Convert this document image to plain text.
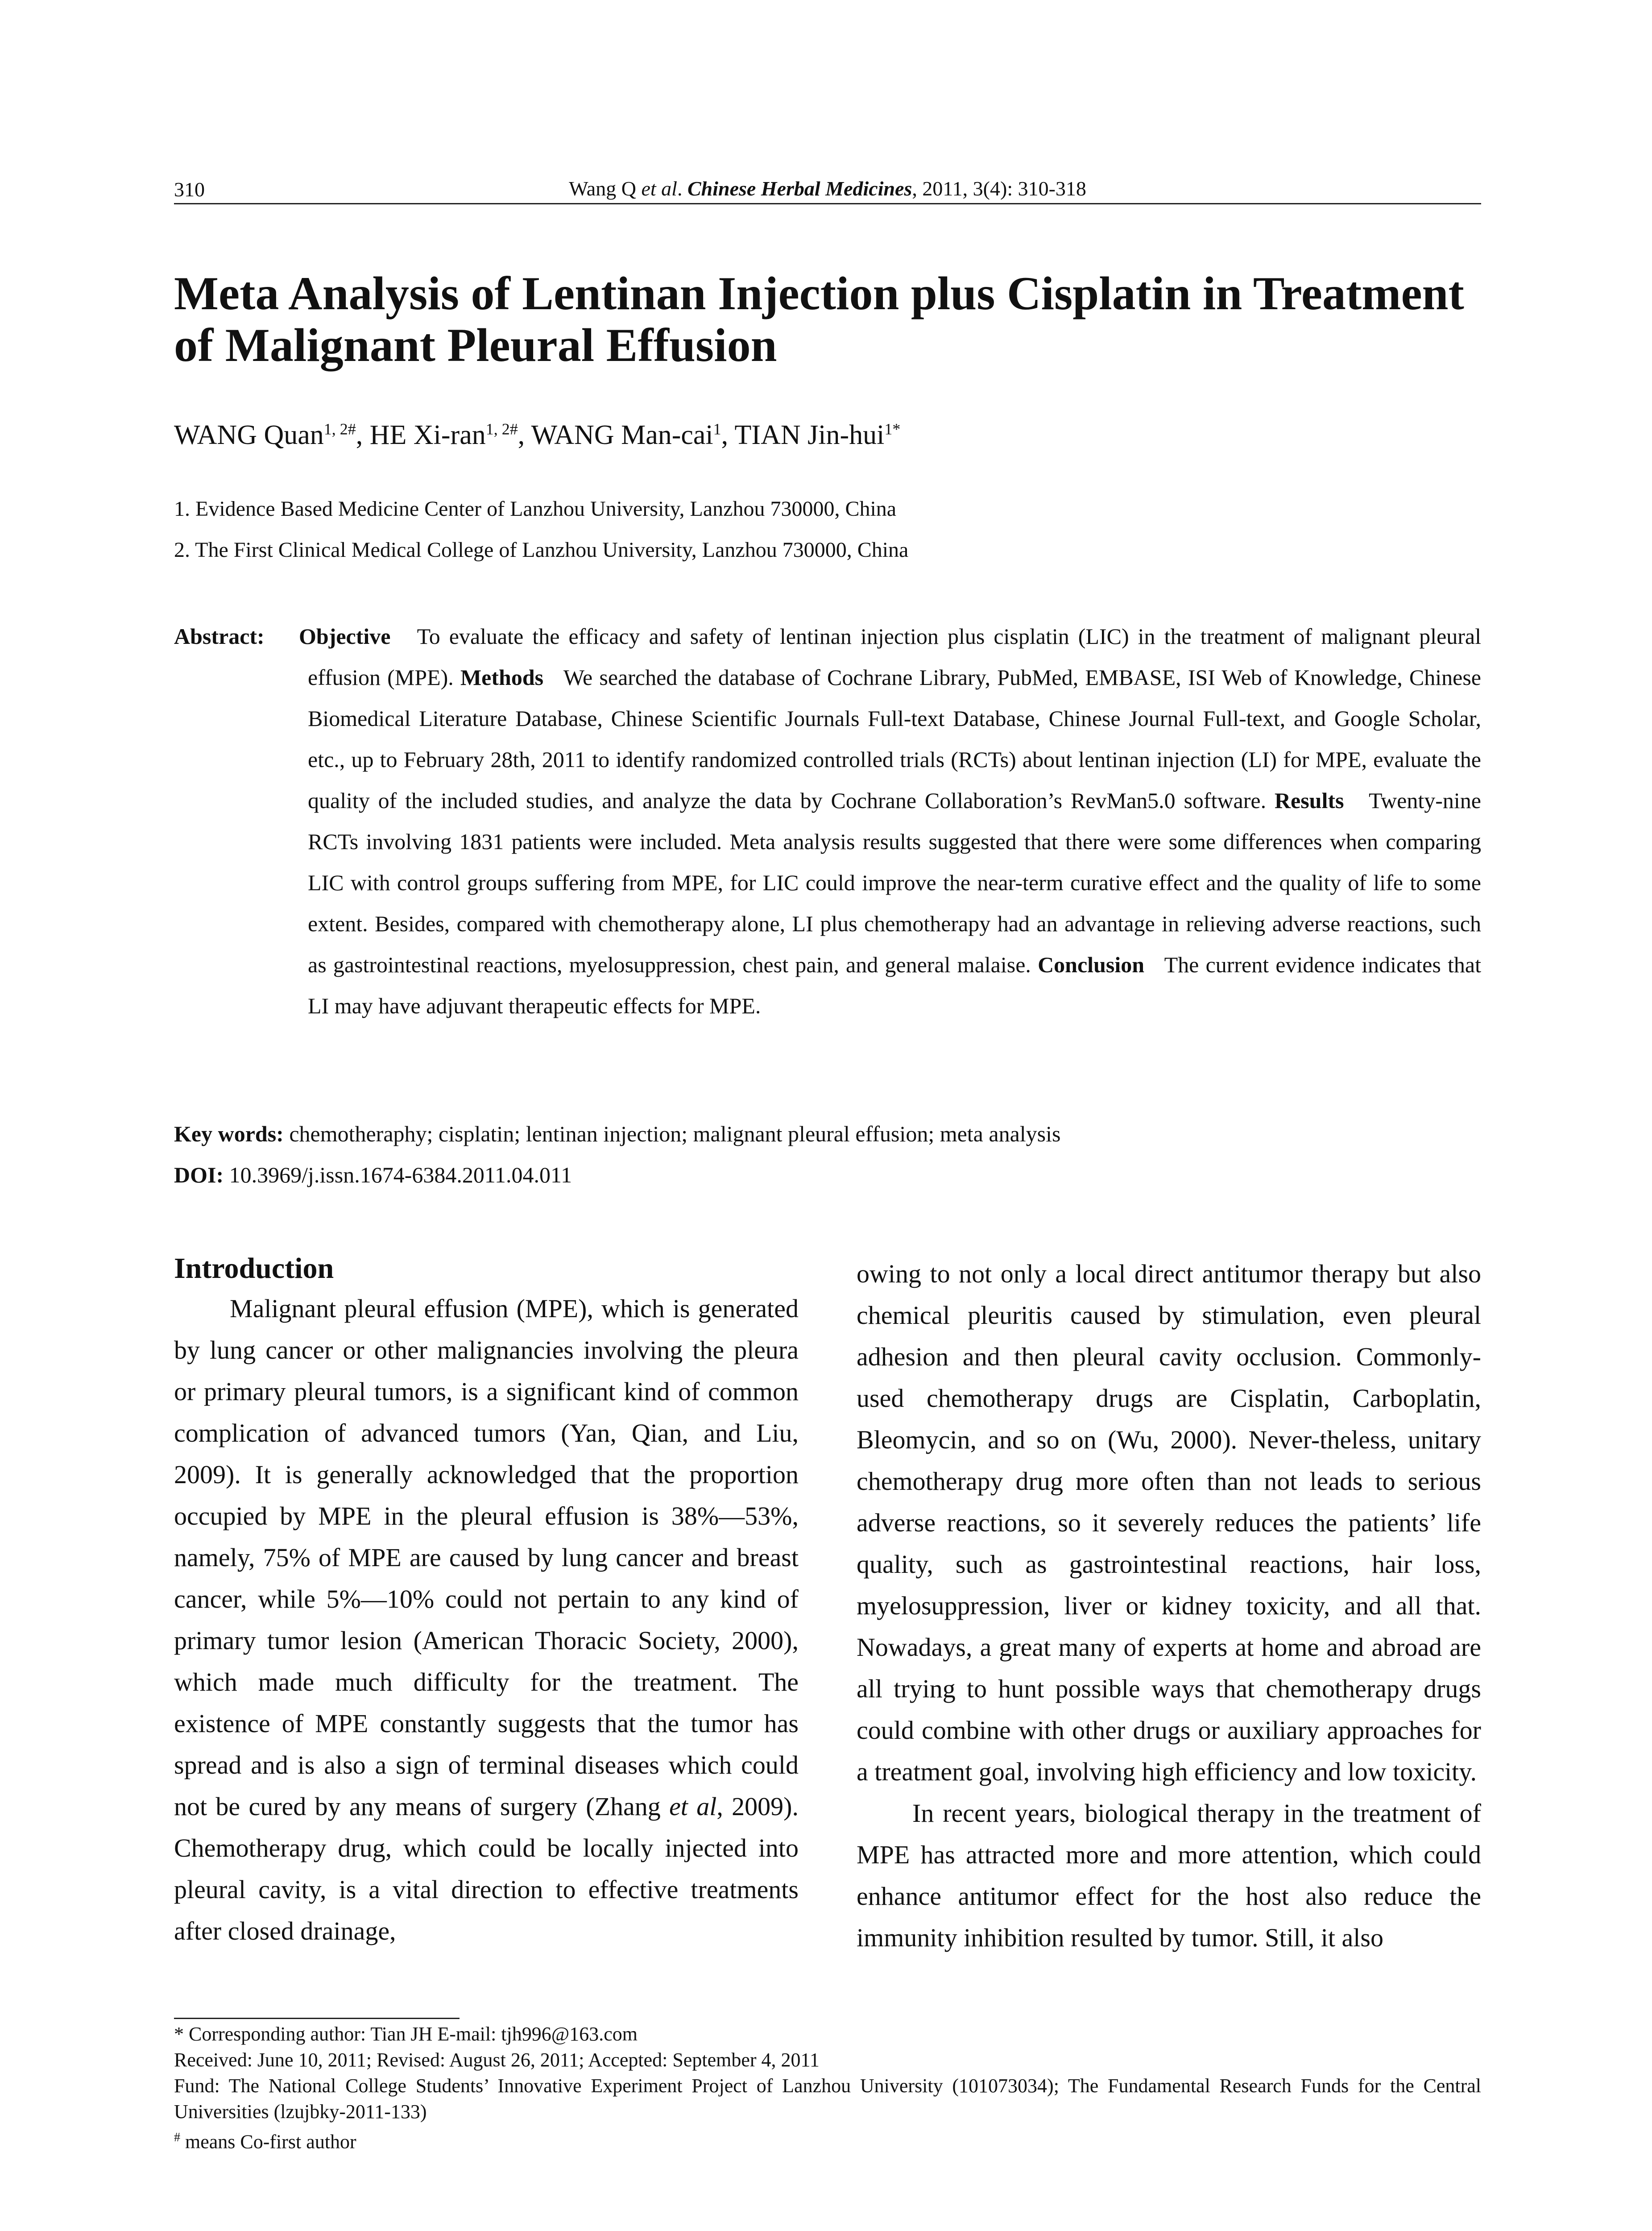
310	Wang Q et al. Chinese Herbal Medicines, 2011, 3(4): 310-318
Meta Analysis of Lentinan Injection plus Cisplatin in Treatment
of Malignant Pleural Effusion
WANG Quan$^{1, 2\#}$, HE Xi-ran$^{1, 2\#}$, WANG Man-cai$^1$, TIAN Jin-hui$^{1*}$
1. Evidence Based Medicine Center of Lanzhou University, Lanzhou 730000, China
2. The First Clinical Medical College of Lanzhou University, Lanzhou 730000, China
Abstract: Objective To evaluate the efficacy and safety of lentinan injection plus cisplatin (LIC) in the treatment of malignant pleural effusion (MPE). Methods We searched the database of Cochrane Library, PubMed, EMBASE, ISI Web of Knowledge, Chinese Biomedical Literature Database, Chinese Scientific Journals Full-text Database, Chinese Journal Full-text, and Google Scholar, etc., up to February 28th, 2011 to identify randomized controlled trials (RCTs) about lentinan injection (LI) for MPE, evaluate the quality of the included studies, and analyze the data by Cochrane Collaboration’s RevMan5.0 software. Results Twenty-nine RCTs involving 1831 patients were included. Meta analysis results suggested that there were some differences when comparing LIC with control groups suffering from MPE, for LIC could improve the near-term curative effect and the quality of life to some extent. Besides, compared with chemotherapy alone, LI plus chemotherapy had an advantage in relieving adverse reactions, such as gastrointestinal reactions, myelosuppression, chest pain, and general malaise. Conclusion The current evidence indicates that LI may have adjuvant therapeutic effects for MPE.
Key words: chemotheraphy; cisplatin; lentinan injection; malignant pleural effusion; meta analysis
DOI: 10.3969/j.issn.1674-6384.2011.04.011
Introduction

Malignant pleural effusion (MPE), which is generated by lung cancer or other malignancies involving the pleura or primary pleural tumors, is a significant kind of common complication of advanced tumors (Yan, Qian, and Liu, 2009). It is generally acknowledged that the proportion occupied by MPE in the pleural effusion is 38%—53%, namely, 75% of MPE are caused by lung cancer and breast cancer, while 5%—10% could not pertain to any kind of primary tumor lesion (American Thoracic Society, 2000), which made much difficulty for the treatment. The existence of MPE constantly suggests that the tumor has spread and is also a sign of terminal diseases which could not be cured by any means of surgery (Zhang et al, 2009). Chemotherapy drug, which could be locally injected into pleural cavity, is a vital direction to effective treatments after closed drainage,

owing to not only a local direct antitumor therapy but also chemical pleuritis caused by stimulation, even pleural adhesion and then pleural cavity occlusion. Commonly-used chemotherapy drugs are Cisplatin, Carboplatin, Bleomycin, and so on (Wu, 2000). Never-theless, unitary chemotherapy drug more often than not leads to serious adverse reactions, so it severely reduces the patients’ life quality, such as gastrointestinal reactions, hair loss, myelosuppression, liver or kidney toxicity, and all that. Nowadays, a great many of experts at home and abroad are all trying to hunt possible ways that chemotherapy drugs could combine with other drugs or auxiliary approaches for a treatment goal, involving high efficiency and low toxicity.

In recent years, biological therapy in the treatment of MPE has attracted more and more attention, which could enhance antitumor effect for the host also reduce the immunity inhibition resulted by tumor. Still, it also

* Corresponding author: Tian JH E-mail: tjh996@163.com
Received: June 10, 2011; Revised: August 26, 2011; Accepted: September 4, 2011
Fund: The National College Students’ Innovative Experiment Project of Lanzhou University (101073034); The Fundamental Research Funds for the Central Universities (lzujbky-2011-133)
# means Co-first author
